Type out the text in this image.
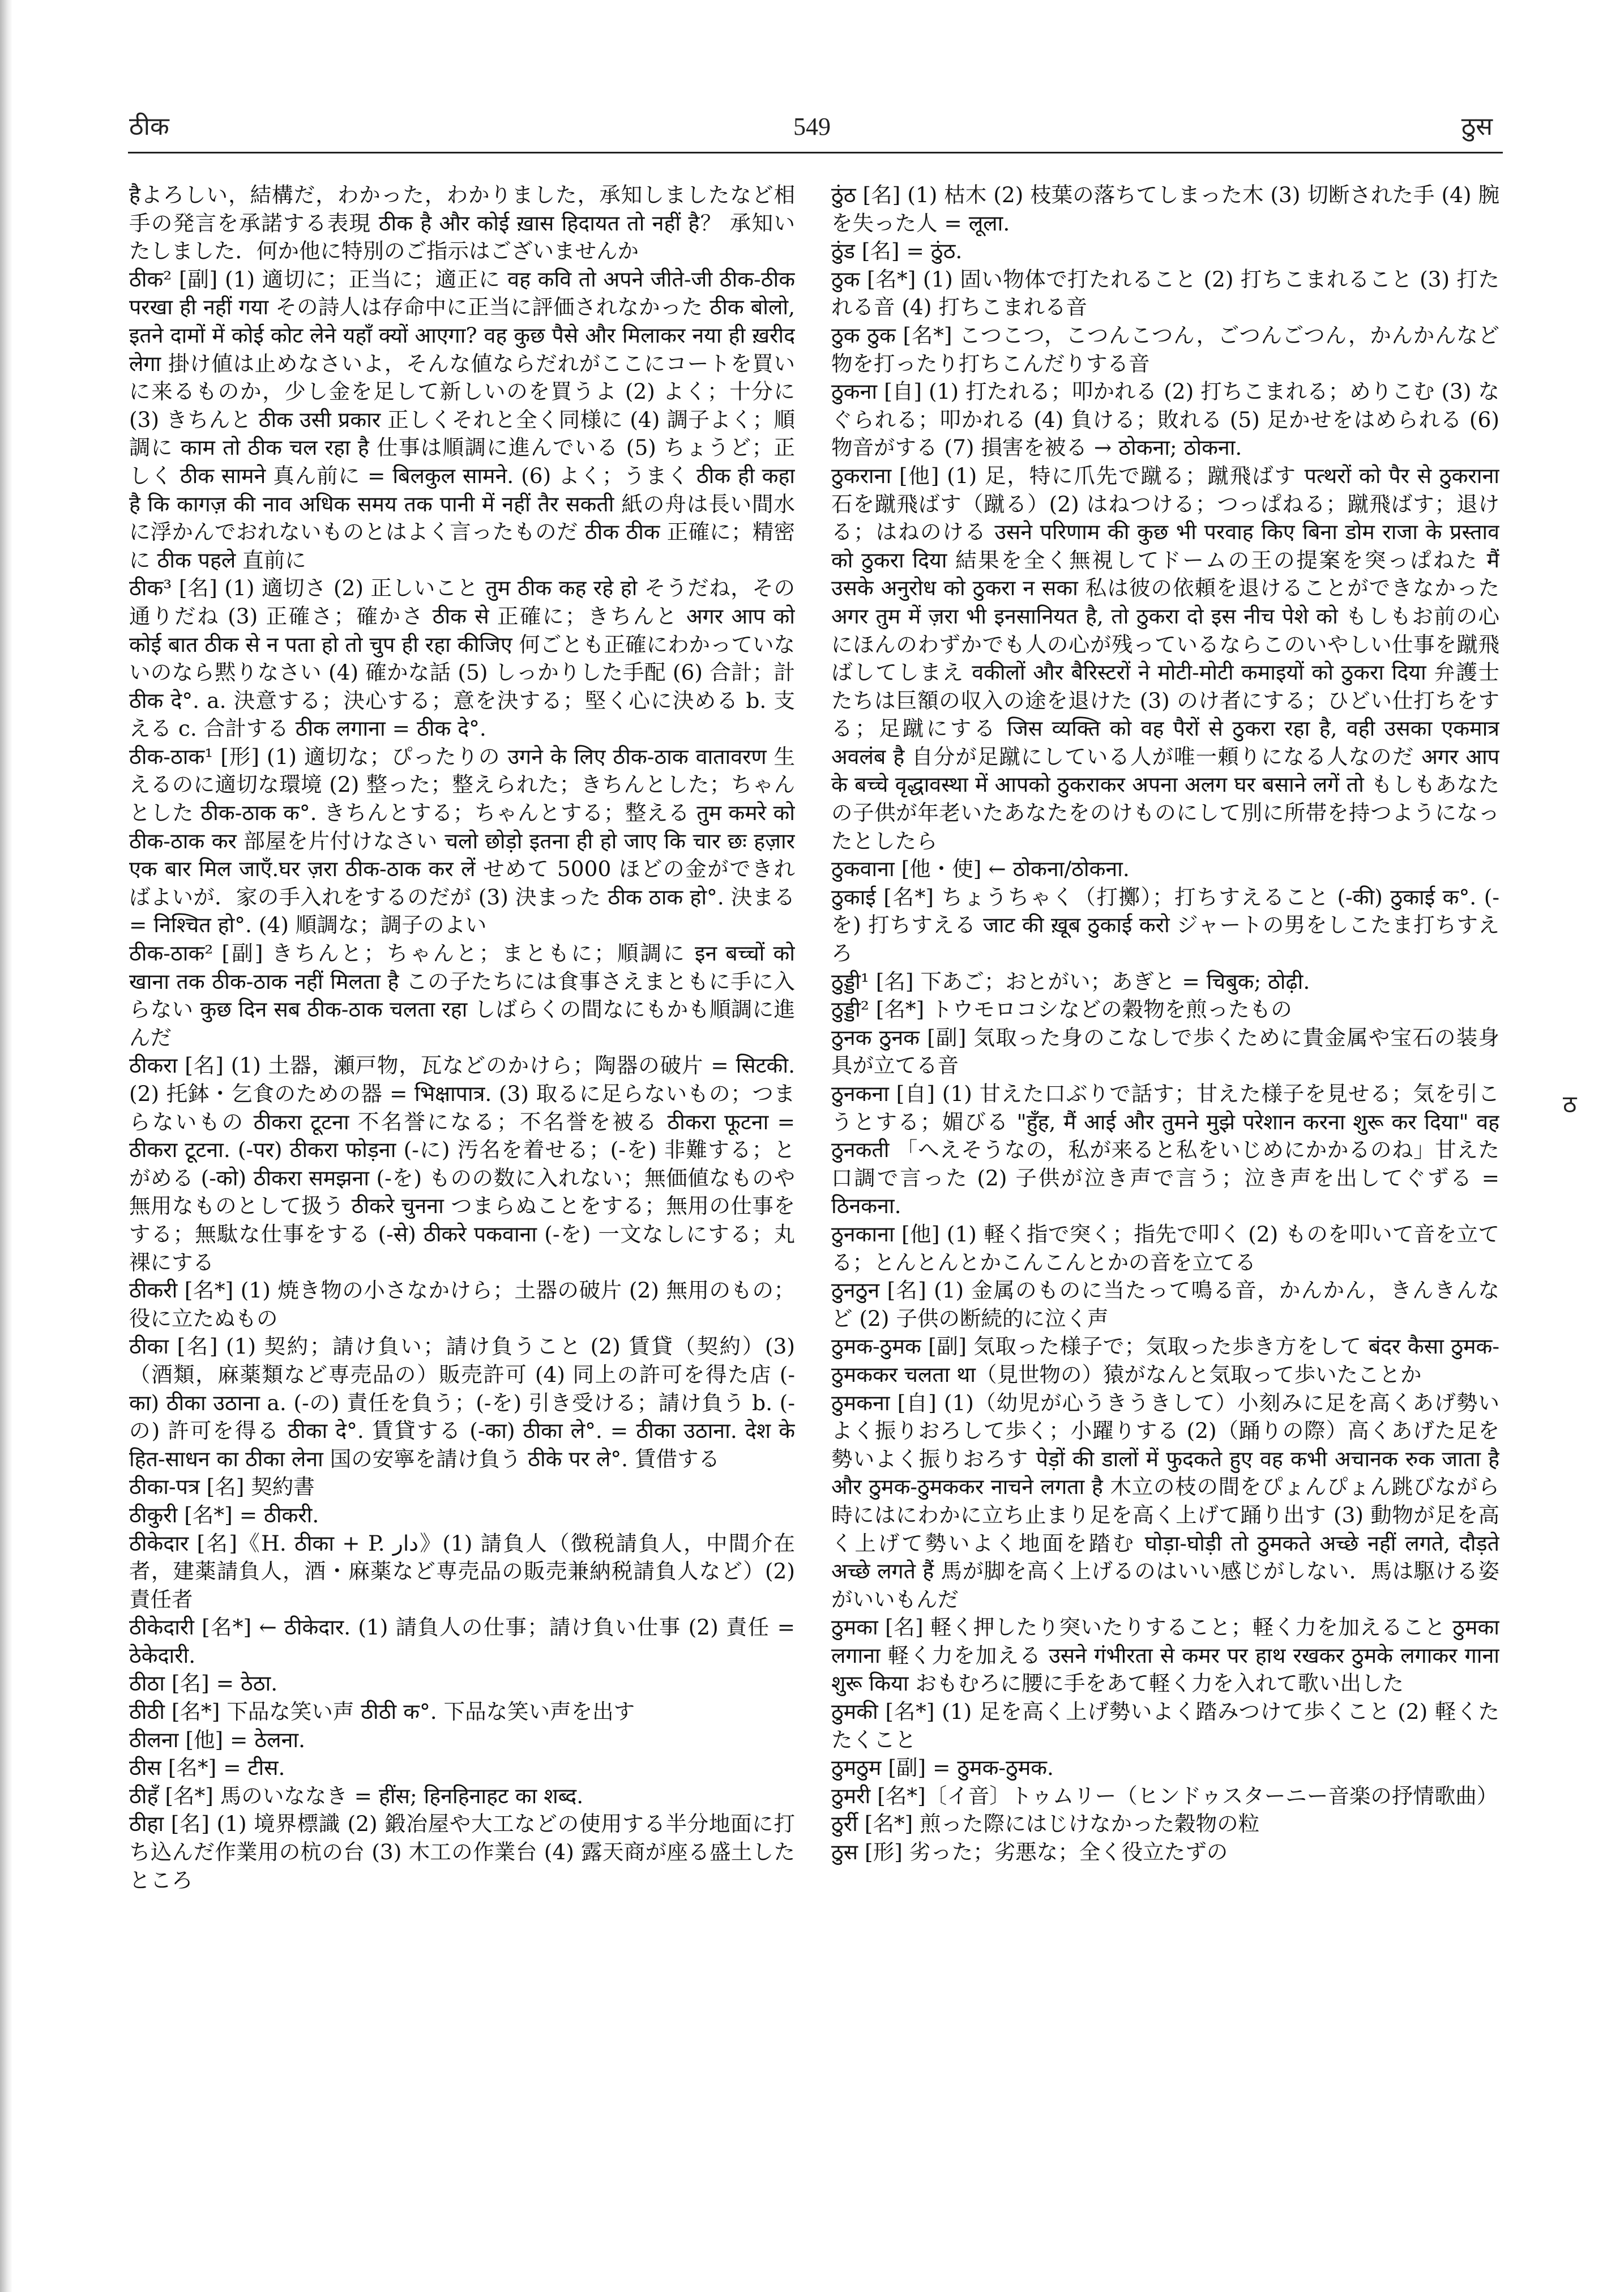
ठीक	549	ठुस

हैよろしい，結構だ，わかった，わかりました，承知しましたなど相手の発言を承諾する表現 ठीक है और कोई ख़ास हिदायत तो नहीं है？ 承知いたしました．何か他に特別のご指示はございませんか

ठीक² [副] (1) 適切に；正当に；適正に वह कवि तो अपने जीते-जी ठीक-ठीक परखा ही नहीं गया その詩人は存命中に正当に評価されなかった ठीक बोलो, इतने दामों में कोई कोट लेने यहाँ क्यों आएगा? वह कुछ पैसे और मिलाकर नया ही ख़रीद लेगा 掛け値は止めなさいよ，そんな値ならだれがここにコートを買いに来るものか，少し金を足して新しいのを買うよ (2) よく；十分に (3) きちんと ठीक उसी प्रकार 正しくそれと全く同様に (4) 調子よく；順調に काम तो ठीक चल रहा है 仕事は順調に進んでいる (5) ちょうど；正しく ठीक सामने 真ん前に = बिलकुल सामने. (6) よく；うまく ठीक ही कहा है कि कागज़ की नाव अधिक समय तक पानी में नहीं तैर सकती 紙の舟は長い間水に浮かんでおれないものとはよく言ったものだ ठीक ठीक 正確に；精密に ठीक पहले 直前に

ठीक³ [名] (1) 適切さ (2) 正しいこと तुम ठीक कह रहे हो そうだね，その通りだね (3) 正確さ；確かさ ठीक से 正確に；きちんと अगर आप को कोई बात ठीक से न पता हो तो चुप ही रहा कीजिए 何ごとも正確にわかっていないのなら黙りなさい (4) 確かな話 (5) しっかりした手配 (6) 合計；計 ठीक दे°. a. 決意する；決心する；意を決する；堅く心に決める b. 支える c. 合計する ठीक लगाना = ठीक दे°.

ठीक-ठाक¹ [形] (1) 適切な；ぴったりの उगने के लिए ठीक-ठाक वातावरण 生えるのに適切な環境 (2) 整った；整えられた；きちんとした；ちゃんとした ठीक-ठाक क°. きちんとする；ちゃんとする；整える तुम कमरे को ठीक-ठाक कर 部屋を片付けなさい चलो छोड़ो इतना ही हो जाए कि चार छः हज़ार एक बार मिल जाएँ.घर ज़रा ठीक-ठाक कर लें せめて 5000 ほどの金ができればよいが．家の手入れをするのだが (3) 決まった ठीक ठाक हो°. 決まる = निश्चित हो°. (4) 順調な；調子のよい

ठीक-ठाक² [副] きちんと；ちゃんと；まともに；順調に इन बच्चों को खाना तक ठीक-ठाक नहीं मिलता है この子たちには食事さえまともに手に入らない कुछ दिन सब ठीक-ठाक चलता रहा しばらくの間なにもかも順調に進んだ

ठीकरा [名] (1) 土器，瀬戸物，瓦などのかけら；陶器の破片 = सिटकी. (2) 托鉢・乞食のための器 = भिक्षापात्र. (3) 取るに足らないもの；つまらないもの ठीकरा टूटना 不名誉になる；不名誉を被る ठीकरा फूटना = ठीकरा टूटना. (-पर) ठीकरा फोड़ना (-に) 汚名を着せる；(-を) 非難する；とがめる (-को) ठीकरा समझना (-を) ものの数に入れない；無価値なものや無用なものとして扱う ठीकरे चुनना つまらぬことをする；無用の仕事をする；無駄な仕事をする (-से) ठीकरे पकवाना (-を) 一文なしにする；丸裸にする

ठीकरी [名*] (1) 焼き物の小さなかけら；土器の破片 (2) 無用のもの；役に立たぬもの

ठीका [名] (1) 契約；請け負い；請け負うこと (2) 賃貸（契約）(3)（酒類，麻薬類など専売品の）販売許可 (4) 同上の許可を得た店 (-का) ठीका उठाना a. (-の) 責任を負う；(-を) 引き受ける；請け負う b. (-の) 許可を得る ठीका दे°. 賃貸する (-का) ठीका ले°. = ठीका उठाना. देश के हित-साधन का ठीका लेना 国の安寧を請け負う ठीके पर ले°. 賃借する

ठीका-पत्र [名] 契約書

ठीकुरी [名*] = ठीकरी.

ठीकेदार [名]《H. ठीका + P. دار》(1) 請負人（徴税請負人，中間介在者，建薬請負人，酒・麻薬など専売品の販売兼納税請負人など）(2) 責任者

ठीकेदारी [名*] ← ठीकेदार. (1) 請負人の仕事；請け負い仕事 (2) 責任 = ठेकेदारी.

ठीठा [名] = ठेठा.

ठीठी [名*] 下品な笑い声 ठीठी क°. 下品な笑い声を出す

ठीलना [他] = ठेलना.

ठीस [名*] = टीस.

ठीहँ [名*] 馬のいななき = हींस; हिनहिनाहट का शब्द.

ठीहा [名] (1) 境界標識 (2) 鍛冶屋や大工などの使用する半分地面に打ち込んだ作業用の杭の台 (3) 木工の作業台 (4) 露天商が座る盛土したところ

ठुंठ [名] (1) 枯木 (2) 枝葉の落ちてしまった木 (3) 切断された手 (4) 腕を失った人 = लूला.

ठुंड [名] = ठुंठ.

ठुक [名*] (1) 固い物体で打たれること (2) 打ちこまれること (3) 打たれる音 (4) 打ちこまれる音

ठुक ठुक [名*] こつこつ，こつんこつん，ごつんごつん，かんかんなど物を打ったり打ちこんだりする音

ठुकना [自] (1) 打たれる；叩かれる (2) 打ちこまれる；めりこむ (3) なぐられる；叩かれる (4) 負ける；敗れる (5) 足かせをはめられる (6) 物音がする (7) 損害を被る → ठोकना; ठोकना.

ठुकराना [他] (1) 足，特に爪先で蹴る；蹴飛ばす पत्थरों को पैर से ठुकराना 石を蹴飛ばす（蹴る）(2) はねつける；つっぱねる；蹴飛ばす；退ける；はねのける उसने परिणाम की कुछ भी परवाह किए बिना डोम राजा के प्रस्ताव को ठुकरा दिया 結果を全く無視してドームの王の提案を突っぱねた मैं उसके अनुरोध को ठुकरा न सका 私は彼の依頼を退けることができなかった अगर तुम में ज़रा भी इनसानियत है, तो ठुकरा दो इस नीच पेशे को もしもお前の心にほんのわずかでも人の心が残っているならこのいやしい仕事を蹴飛ばしてしまえ वकीलों और बैरिस्टरों ने मोटी-मोटी कमाइयों को ठुकरा दिया 弁護士たちは巨額の収入の途を退けた (3) のけ者にする；ひどい仕打ちをする；足蹴にする जिस व्यक्ति को वह पैरों से ठुकरा रहा है, वही उसका एकमात्र अवलंब है 自分が足蹴にしている人が唯一頼りになる人なのだ अगर आप के बच्चे वृद्धावस्था में आपको ठुकराकर अपना अलग घर बसाने लगें तो もしもあなたの子供が年老いたあなたをのけものにして別に所帯を持つようになったとしたら

ठुकवाना [他・使] ← ठोकना/ठोकना.

ठुकाई [名*] ちょうちゃく（打擲）；打ちすえること (-की) ठुकाई क°. (-を) 打ちすえる जाट की ख़ूब ठुकाई करो ジャートの男をしこたま打ちすえろ

ठुड्डी¹ [名] 下あご；おとがい；あぎと = चिबुक; ठोढ़ी.

ठुड्डी² [名*] トウモロコシなどの穀物を煎ったもの

ठुनक ठुनक [副] 気取った身のこなしで歩くために貴金属や宝石の装身具が立てる音

ठुनकना [自] (1) 甘えた口ぶりで話す；甘えた様子を見せる；気を引こうとする；媚びる "हुँह, मैं आई और तुमने मुझे परेशान करना शुरू कर दिया" वह ठुनकती 「へえそうなの，私が来ると私をいじめにかかるのね」甘えた口調で言った (2) 子供が泣き声で言う；泣き声を出してぐずる = ठिनकना.

ठुनकाना [他] (1) 軽く指で突く；指先で叩く (2) ものを叩いて音を立てる；とんとんとかこんこんとかの音を立てる

ठुनठुन [名] (1) 金属のものに当たって鳴る音，かんかん，きんきんなど (2) 子供の断続的に泣く声

ठुमक-ठुमक [副] 気取った様子で；気取った歩き方をして बंदर कैसा ठुमक-ठुमककर चलता था（見世物の）猿がなんと気取って歩いたことか

ठुमकना [自] (1)（幼児が心うきうきして）小刻みに足を高くあげ勢いよく振りおろして歩く；小躍りする (2)（踊りの際）高くあげた足を勢いよく振りおろす पेड़ों की डालों में फुदकते हुए वह कभी अचानक रुक जाता है और ठुमक-ठुमककर नाचने लगता है 木立の枝の間をぴょんぴょん跳びながら時にはにわかに立ち止まり足を高く上げて踊り出す (3) 動物が足を高く上げて勢いよく地面を踏む घोड़ा-घोड़ी तो ठुमकते अच्छे नहीं लगते, दौड़ते अच्छे लगते हैं 馬が脚を高く上げるのはいい感じがしない．馬は駆ける姿がいいもんだ

ठुमका [名] 軽く押したり突いたりすること；軽く力を加えること ठुमका लगाना 軽く力を加える उसने गंभीरता से कमर पर हाथ रखकर ठुमके लगाकर गाना शुरू किया おもむろに腰に手をあて軽く力を入れて歌い出した

ठुमकी [名*] (1) 足を高く上げ勢いよく踏みつけて歩くこと (2) 軽くたたくこと

ठुमठुम [副] = ठुमक-ठुमक.

ठुमरी [名*]〔イ音〕トゥムリー（ヒンドゥスターニー音楽の抒情歌曲）

ठुर्री [名*] 煎った際にはじけなかった穀物の粒

ठुस [形] 劣った；劣悪な；全く役立たずの

ठ
